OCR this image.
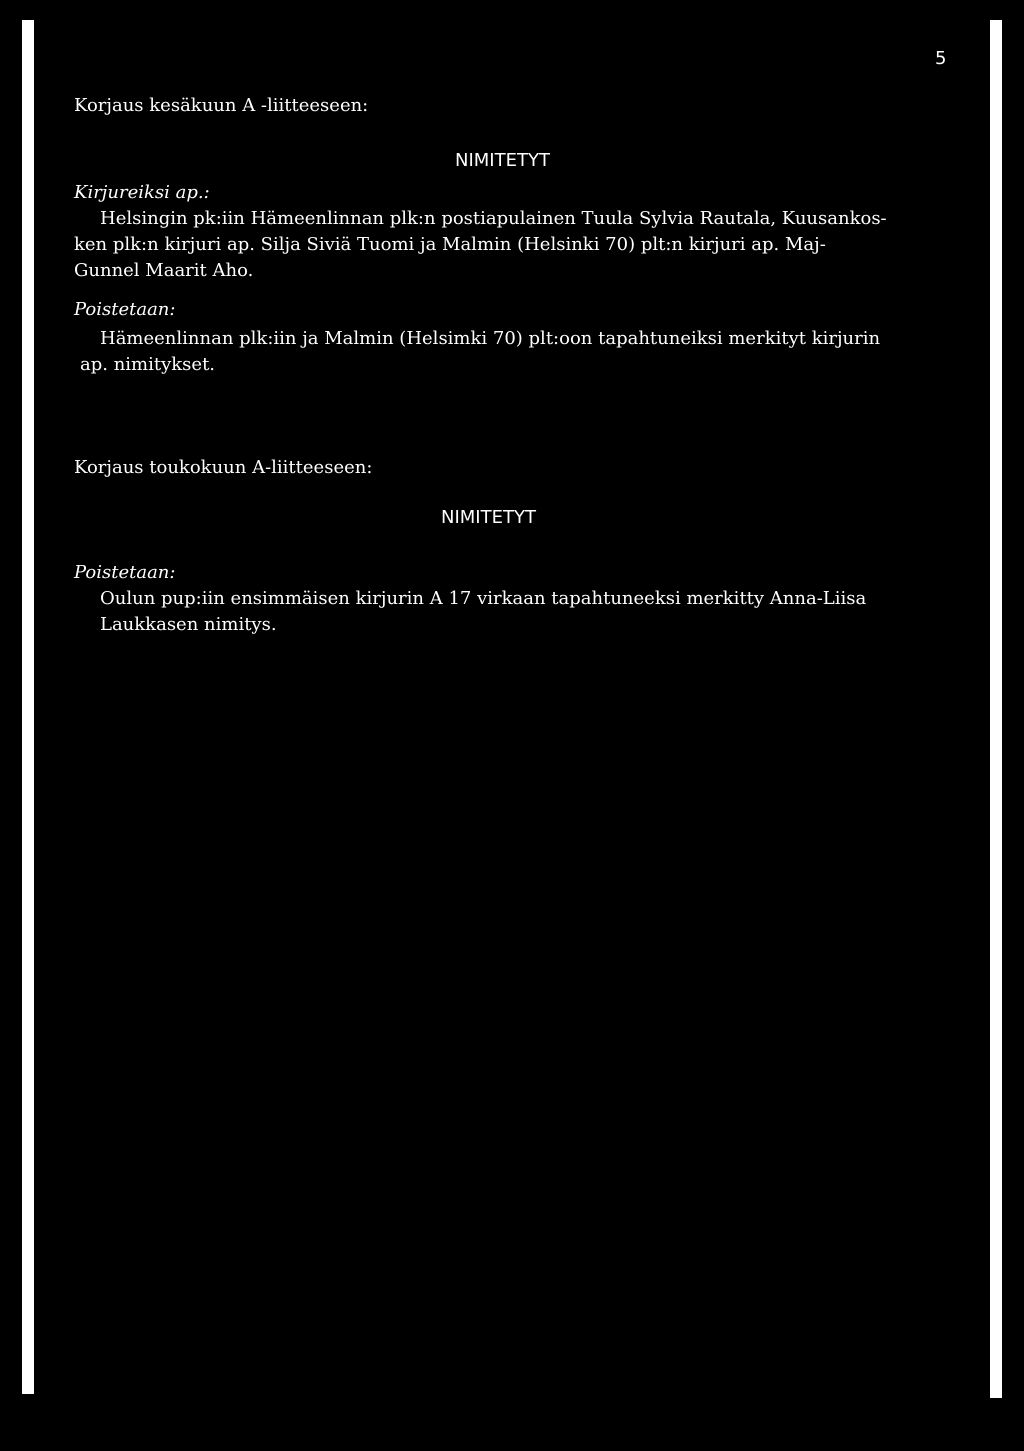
5
Korjaus kesäkuun A -liitteeseen:
NIMITETYT
Kirjureiksi ap.:

Helsingin pk:iin Hämeenlinnan plk:n postiapulainen Tuula Sylvia Rautala, Kuusankos-

ken plk:n kirjuri ap. Silja Siviä Tuomi ja Malmin (Helsinki 70) plt:n kirjuri ap. Maj-

Gunnel Maarit Aho.

Poistetaan:

Hämeenlinnan plk:iin ja Malmin (Helsimki 70) plt:oon tapahtuneiksi merkityt kirjurin

ap. nimitykset.

Korjaus toukokuun A-liitteeseen:
NIMITETYT
Poistetaan:

Oulun pup:iin ensimmäisen kirjurin A 17 virkaan tapahtuneeksi merkitty Anna-Liisa

Laukkasen nimitys.
